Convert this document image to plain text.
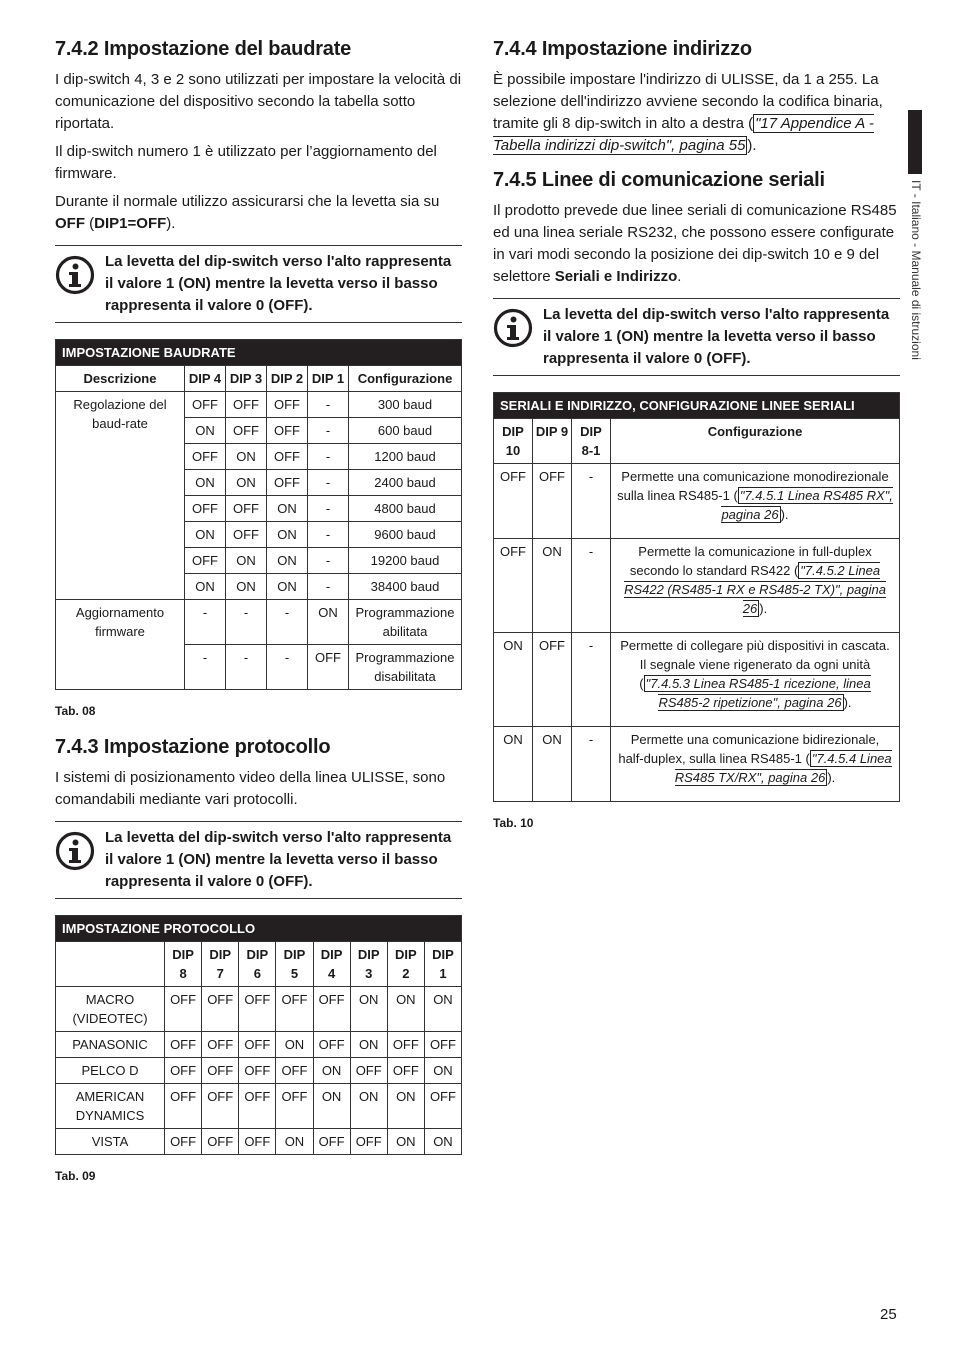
IT - Italiano - Manuale di istruzioni
7.4.2 Impostazione del baudrate

I dip-switch 4, 3 e 2 sono utilizzati per impostare la velocità di comunicazione del dispositivo secondo la tabella sotto riportata.

Il dip-switch numero 1 è utilizzato per l’aggiornamento del firmware.

Durante il normale utilizzo assicurarsi che la levetta sia su OFF (DIP1=OFF).

La levetta del dip-switch verso l'alto rappresenta il valore 1 (ON) mentre la levetta verso il basso rappresenta il valore 0 (OFF).
IMPOSTAZIONE BAUDRATE					
Descrizione	DIP 4	DIP 3	DIP 2	DIP 1	Configurazione
Regolazione del baud-rate	OFF	OFF	OFF	-	300 baud
	ON	OFF	OFF	-	600 baud
	OFF	ON	OFF	-	1200 baud
	ON	ON	OFF	-	2400 baud
	OFF	OFF	ON	-	4800 baud
	ON	OFF	ON	-	9600 baud
	OFF	ON	ON	-	19200 baud
	ON	ON	ON	-	38400 baud
Aggiornamento firmware	-	-	-	ON	Programmazione abilitata
	-	-	-	OFF	Programmazione disabilitata
Tab. 08
7.4.3 Impostazione protocollo

I sistemi di posizionamento video della linea ULISSE, sono comandabili mediante vari protocolli.

La levetta del dip-switch verso l'alto rappresenta il valore 1 (ON) mentre la levetta verso il basso rappresenta il valore 0 (OFF).
IMPOSTAZIONE PROTOCOLLO								
	DIP 8	DIP 7	DIP 6	DIP 5	DIP 4	DIP 3	DIP 2	DIP 1
MACRO (VIDEOTEC)	OFF	OFF	OFF	OFF	OFF	ON	ON	ON
PANASONIC	OFF	OFF	OFF	ON	OFF	ON	OFF	OFF
PELCO D	OFF	OFF	OFF	OFF	ON	OFF	OFF	ON
AMERICAN DYNAMICS	OFF	OFF	OFF	OFF	ON	ON	ON	OFF
VISTA	OFF	OFF	OFF	ON	OFF	OFF	ON	ON
Tab. 09
7.4.4 Impostazione indirizzo

È possibile impostare l'indirizzo di ULISSE, da 1 a 255. La selezione dell'indirizzo avviene secondo la codifica binaria, tramite gli 8 dip-switch in alto a destra ( "17 Appendice A - Tabella indirizzi dip-switch", pagina 55 ).

7.4.5 Linee di comunicazione seriali

Il prodotto prevede due linee seriali di comunicazione RS485 ed una linea seriale RS232, che possono essere configurate in vari modi secondo la posizione dei dip-switch 10 e 9 del selettore Seriali e Indirizzo.

La levetta del dip-switch verso l'alto rappresenta il valore 1 (ON) mentre la levetta verso il basso rappresenta il valore 0 (OFF).
SERIALI E INDIRIZZO, CONFIGURAZIONE LINEE SERIALI			
DIP 10	DIP 9	DIP 8-1	Configurazione
OFF	OFF	-	Permette una comunicazione monodirezionale sulla linea RS485-1 ( "7.4.5.1 Linea RS485 RX", pagina 26 ).
OFF	ON	-	Permette la comunicazione in full-duplex secondo lo standard RS422 ( "7.4.5.2 Linea RS422 (RS485-1 RX e RS485-2 TX)", pagina 26 ).
ON	OFF	-	Permette di collegare più dispositivi in cascata. Il segnale viene rigenerato da ogni unità ( "7.4.5.3 Linea RS485-1 ricezione, linea RS485-2 ripetizione", pagina 26 ).
ON	ON	-	Permette una comunicazione bidirezionale, half-duplex, sulla linea RS485-1 ( "7.4.5.4 Linea RS485 TX/RX", pagina 26 ).
Tab. 10
25
